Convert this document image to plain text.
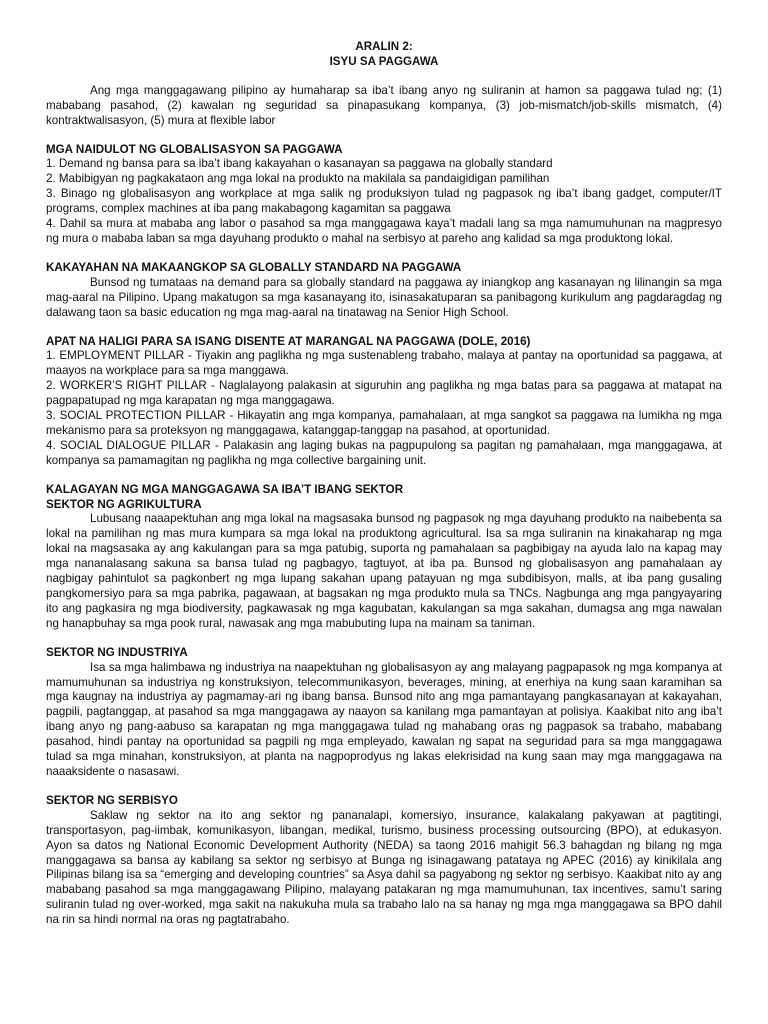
ARALIN 2:

ISYU SA PAGGAWA

Ang mga manggagawang pilipino ay humaharap sa iba’t ibang anyo ng suliranin at hamon sa paggawa tulad ng; (1) mababang pasahod, (2) kawalan ng seguridad sa pinapasukang kompanya, (3) job-mismatch/job-skills mismatch, (4) kontraktwalisasyon, (5) mura at flexible labor

MGA NAIDULOT NG GLOBALISASYON SA PAGGAWA

1. Demand ng bansa para sa iba’t ibang kakayahan o kasanayan sa paggawa na globally standard

2. Mabibigyan ng pagkakataon ang mga lokal na produkto na makilala sa pandaigidigan pamilihan

3. Binago ng globalisasyon ang workplace at mga salik ng produksiyon tulad ng pagpasok ng iba’t ibang gadget, computer/IT programs, complex machines at iba pang makabagong kagamitan sa paggawa

4. Dahil sa mura at mababa ang labor o pasahod sa mga manggagawa kaya’t madali lang sa mga namumuhunan na magpresyo ng mura o mababa laban sa mga dayuhang produkto o mahal na serbisyo at pareho ang kalidad sa mga produktong lokal.

KAKAYAHAN NA MAKAANGKOP SA GLOBALLY STANDARD NA PAGGAWA

Bunsod ng tumataas na demand para sa globally standard na paggawa ay iniangkop ang kasanayan ng lilinangin sa mga mag-aaral na Pilipino. Upang makatugon sa mga kasanayang ito, isinasakatuparan sa panibagong kurikulum ang pagdaragdag ng dalawang taon sa basic education ng mga mag-aaral na tinatawag na Senior High School.

APAT NA HALIGI PARA SA ISANG DISENTE AT MARANGAL NA PAGGAWA (DOLE, 2016)

1. EMPLOYMENT PILLAR - Tiyakin ang paglikha ng mga sustenableng trabaho, malaya at pantay na oportunidad sa paggawa, at maayos na workplace para sa mga manggawa.

2. WORKER’S RIGHT PILLAR - Naglalayong palakasin at siguruhin ang paglikha ng mga batas para sa paggawa at matapat na pagpapatupad ng mga karapatan ng mga manggagawa.

3. SOCIAL PROTECTION PILLAR - Hikayatin ang mga kompanya, pamahalaan, at mga sangkot sa paggawa na lumikha ng mga mekanismo para sa proteksyon ng manggagawa, katanggap-tanggap na pasahod, at oportunidad.

4. SOCIAL DIALOGUE PILLAR - Palakasin ang laging bukas na pagpupulong sa pagitan ng pamahalaan, mga manggagawa, at kompanya sa pamamagitan ng paglikha ng mga collective bargaining unit.

KALAGAYAN NG MGA MANGGAGAWA SA IBA’T IBANG SEKTOR

SEKTOR NG AGRIKULTURA

Lubusang naaapektuhan ang mga lokal na magsasaka bunsod ng pagpasok ng mga dayuhang produkto na naibebenta sa lokal na pamilihan ng mas mura kumpara sa mga lokal na produktong agricultural. Isa sa mga suliranin na kinakaharap ng mga lokal na magsasaka ay ang kakulangan para sa mga patubig, suporta ng pamahalaan sa pagbibigay na ayuda lalo na kapag may mga nananalasang sakuna sa bansa tulad ng pagbagyo, tagtuyot, at iba pa. Bunsod ng globalisasyon ang pamahalaan ay nagbigay pahintulot sa pagkonbert ng mga lupang sakahan upang patayuan ng mga subdibisyon, malls, at iba pang gusaling pangkomersiyo para sa mga pabrika, pagawaan, at bagsakan ng mga produkto mula sa TNCs. Nagbunga ang mga pangyayaring ito ang pagkasira ng mga biodiversity, pagkawasak ng mga kagubatan, kakulangan sa mga sakahan, dumagsa ang mga nawalan ng hanapbuhay sa mga pook rural, nawasak ang mga mabubuting lupa na mainam sa taniman.

SEKTOR NG INDUSTRIYA

Isa sa mga halimbawa ng industriya na naapektuhan ng globalisasyon ay ang malayang pagpapasok ng mga kompanya at mamumuhunan sa industriya ng konstruksiyon, telecommunikasyon, beverages, mining, at enerhiya na kung saan karamihan sa mga kaugnay na industriya ay pagmamay-ari ng ibang bansa. Bunsod nito ang mga pamantayang pangkasanayan at kakayahan, pagpili, pagtanggap, at pasahod sa mga manggagawa ay naayon sa kanilang mga pamantayan at polisiya. Kaakibat nito ang iba’t ibang anyo ng pang-aabuso sa karapatan ng mga manggagawa tulad ng mahabang oras ng pagpasok sa trabaho, mababang pasahod, hindi pantay na oportunidad sa pagpili ng mga empleyado, kawalan ng sapat na seguridad para sa mga manggagawa tulad sa mga minahan, konstruksiyon, at planta na nagpoprodyus ng lakas elekrisidad na kung saan may mga manggagawa na naaaksidente o nasasawi.

SEKTOR NG SERBISYO

Saklaw ng sektor na ito ang sektor ng pananalapi, komersiyo, insurance, kalakalang pakyawan at pagtitingi, transportasyon, pag-iimbak, komunikasyon, libangan, medikal, turismo, business processing outsourcing (BPO), at edukasyon. Ayon sa datos ng National Economic Development Authority (NEDA) sa taong 2016 mahigit 56.3 bahagdan ng bilang ng mga manggagawa sa bansa ay kabilang sa sektor ng serbisyo at Bunga ng isinagawang patataya ng APEC (2016) ay kinikilala ang Pilipinas bilang isa sa “emerging and developing countries” sa Asya dahil sa pagyabong ng sektor ng serbisyo. Kaakibat nito ay ang mababang pasahod sa mga manggagawang Pilipino, malayang patakaran ng mga mamumuhunan, tax incentives, samu’t saring suliranin tulad ng over-worked, mga sakit na nakukuha mula sa trabaho lalo na sa hanay ng mga mga manggagawa sa BPO dahil na rin sa hindi normal na oras ng pagtatrabaho.
